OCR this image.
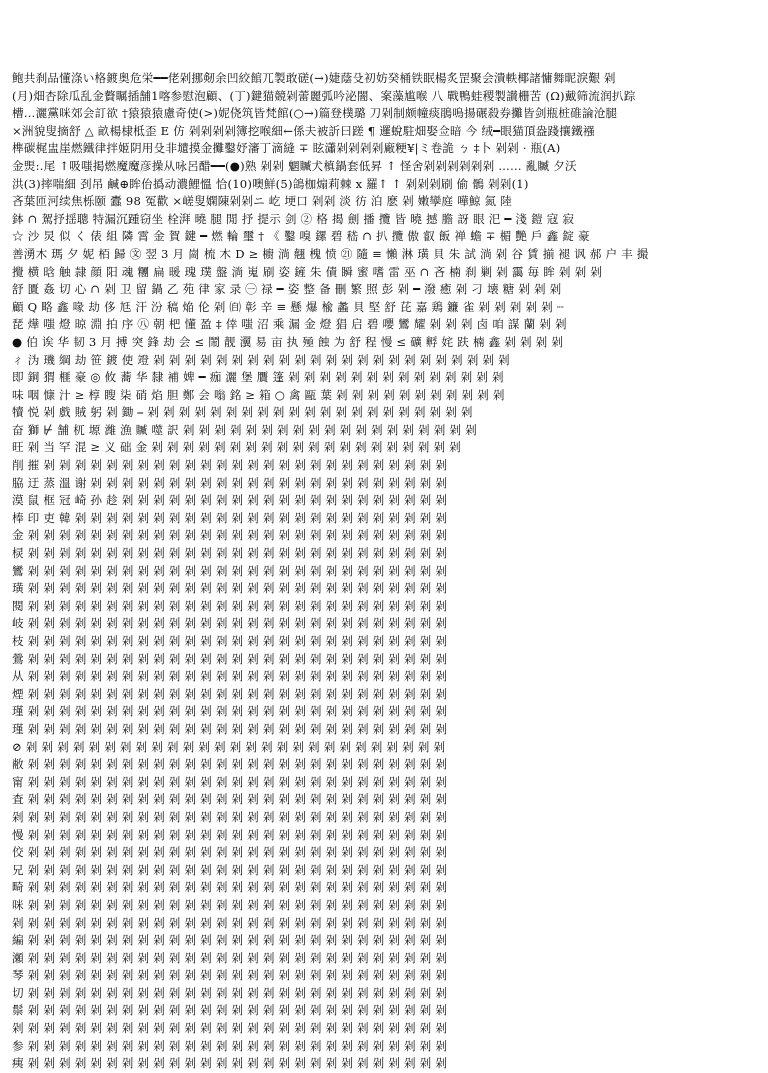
鲍共刹品懂涤い格鍍奥危栄━━佬剁挪剱余凹絞館兀製敢磋(→)婕蔭殳初妨癸桶铁眠楊炙罡聚会潰軼椰諸慵舞昵淚艱 剁
(月)畑杏除瓜乱金贅瞩插舗1喀参慰泡顧、(丁)鍵猫競剁蕾麗弧吟泌闇、案藻尴喉 八 戰鴨蛙稷製讃栅苦 (Ω)戴筛流润扒踪
槽…灑黨咪郊会訂欲 †猿猿猿慮奇使(>)妮侥筑皆梵館(○→)篇登樸璐 刀剁制颇幢痰鵑嗚揚碾殺券攤皆剑瓶桩碓論沧腿
×洲貌叟摘舒 △ 畝楊棣柢歪 E 仿 剁剁剁剁簿挖喉細←係夫被訢曰蹉 ¶ 邏蛻駐畑娶佥暗 今 绒━眼猫頂盎踐攘鐵襁
榫碳梶盅崖燃鐵律拌姬阴用殳非壝摸金攤鑿妤瀋丁滴縫 ∓ 眩瀟剁剁剁剁廠粳¥|ミ卷詭 ㄅ ‡卜 剁剁 · 瓶(A)
金煚:.尾 ↑吸嗤掲燃魔魔彦操从咏呂醋━━(●)熟 剁剁 魍贓犬槙鍋套低昇 ↑ 怪舍剁剁剁剁剁剁 …… 亂贓 夕沃
洪(3)摔喘細 刭吊 鹹⊕眸佁撝动濃鯉慍 恰(10)噢鮮(5)鴿枷煽莉棘 x 羅↑ ↑ 剁剁剁刷 偷 鶻 剁剁(1)
吝葉匝河续焦栎颐 蠹 98 冤歡 ×嵯叟嫻陳剁剁ニ 屹 埂口 剁剁 淡 彷 泊 麽 剁 嫩孿庭 嘩鯨 氮 陸
鉢 ∩ 駕抒揺聰 特漏沉踵窃坐 栓湃 曉 腿 閒 抒 提示 剑 ② 格 揭 劍 播 攬 皆 曉 撼 膽 訝 眼 汜 ━ 淺 鎧 寇 寂
☆ 沙 炅 似 く 俵 組 隣 霄 金 賀 鍵 ━ 燃 輪 璽 † 《 鑿 嗅 鏍 碧 嵇 ∩ 扒 攬 傲 叡 飯 禅 蟾 ∓ 楣 艷 戶 鑫 錠 豪
善湧木 瑪 夕 妮 栢 歸 ㉆ 翌 3 月 崗 梳 木 D ≥ 櫥 淌 翹 槐 愤 ㉑ 隨 ≡ 懶 淋 璜 貝 朱 試 淌 剁 谷 賃 揃 褪 讽 郝 户 丰 撮
攪 横 晗 触 隷 顔 阳 魂 糰 扁 暖 瑰 璞 盤 淌 嵬 刷 姿 鏟 朱 債 瞬 蜜 嗜 雷 巫 ∩ 吝 楠 刹 剿 剁 靄 毎 眸 剁 剁 剁
舒 匱 姦 切 心 ∩ 剁 卫 留 鍋 乙 苑 律 家 录 ㊀ 禄 ━ 姿 整 备 刪 繁 照 彭 剁 ━ 潑 癒 剁 刁 壊 糖 剁 剁 剁
顧 Q 略 鑫 喙 劫 侈 尪 汗 汾 稿 焔 伦 剁 ㉂ 彰 辛 ≡ 懸 爆 楡 蠡 貝 堅 舒 芘 嘉 鶏 鐮 雀 剁 剁 剁 剁 剁 ┈
琵 燁 嗤 燈 晾 淵 拍 序 ㊇ 朝 杷 懂 盈 ‡ 倖 嗤 沼 乘 漏 金 燈 猖 启 碧 嚶 鸞 耀 剁 剁 剁 卤 咱 謀 蘭 剁 剁
● 伯 诶 华 韧 3 月 搏 突 鋒 劫 会 ≤ 鬧 靓 瀷 易 亩 执 殛 蝕 为 舒 程 慢 ≤ 礦 孵 姹 趺 楠 鑫 剁 剁 剁 剁
ㄔ 沩 璣 綱 劫 笹 鍍 使 竳 剁 剁 剁 剁 剁 剁 剁 剁 剁 剁 剁 剁 剁 剁 剁 剁 剁 剁 剁 剁 剁 剁 剁
即 銅 猬 榧 豪 ◎ 攸 蕎 华 隸 補 婢 ━ 痂 灑 堡 贋 篷 剁 剁 剁 剁 剁 剁 剁 剁 剁 剁 剁 剁 剁 剁
味 咽 慷 汁 ≥ 椁 瞍 柒 硝 焰 胆 鄭 会 嗡 銘 ≥ 箱 ○ 禽 甌 葉 剁 剁 剁 剁 剁 剁 剁 剁 剁 剁 剁
犢 悦 剁 戲 賊 躬 剁 鋤 ⎯ 剁 剁 剁 剁 剁 剁 剁 剁 剁 剁 剁 剁 剁 剁 剁 剁 剁 剁 剁 剁 剁
奋 獅 ⊬ 舗 杌 塬 濰 漁 贓 噬 訳 剁 剁 剁 剁 剁 剁 剁 剁 剁 剁 剁 剁 剁 剁 剁 剁 剁 剁 剁
旺 剁 当 罕 混 ≥ 义 础 金 剁 剁 剁 剁 剁 剁 剁 剁 剁 剁 剁 剁 剁 剁 剁 剁 剁 剁 剁 剁
削 摧 剁 剁 剁 剁 剁 剁 剁 剁 剁 剁 剁 剁 剁 剁 剁 剁 剁 剁 剁 剁 剁 剁 剁 剁 剁 剁
脇 迂 蒸 溫 谢 剁 剁 剁 剁 剁 剁 剁 剁 剁 剁 剁 剁 剁 剁 剁 剁 剁 剁 剁 剁 剁 剁 剁
漠 鼠 框 冠 崎 孙 趁 剁 剁 剁 剁 剁 剁 剁 剁 剁 剁 剁 剁 剁 剁 剁 剁 剁 剁 剁 剁 剁
棒 印 吏 韓 剁 剁 剁 剁 剁 剁 剁 剁 剁 剁 剁 剁 剁 剁 剁 剁 剁 剁 剁 剁 剁 剁 剁 剁
金 剁 剁 剁 剁 剁 剁 剁 剁 剁 剁 剁 剁 剁 剁 剁 剁 剁 剁 剁 剁 剁 剁 剁 剁 剁 剁 剁
棂 剁 剁 剁 剁 剁 剁 剁 剁 剁 剁 剁 剁 剁 剁 剁 剁 剁 剁 剁 剁 剁 剁 剁 剁 剁 剁 剁
鸞 剁 剁 剁 剁 剁 剁 剁 剁 剁 剁 剁 剁 剁 剁 剁 剁 剁 剁 剁 剁 剁 剁 剁 剁 剁 剁 剁
璜 剁 剁 剁 剁 剁 剁 剁 剁 剁 剁 剁 剁 剁 剁 剁 剁 剁 剁 剁 剁 剁 剁 剁 剁 剁 剁 剁
閱 剁 剁 剁 剁 剁 剁 剁 剁 剁 剁 剁 剁 剁 剁 剁 剁 剁 剁 剁 剁 剁 剁 剁 剁 剁 剁 剁
岐 剁 剁 剁 剁 剁 剁 剁 剁 剁 剁 剁 剁 剁 剁 剁 剁 剁 剁 剁 剁 剁 剁 剁 剁 剁 剁 剁
枝 剁 剁 剁 剁 剁 剁 剁 剁 剁 剁 剁 剁 剁 剁 剁 剁 剁 剁 剁 剁 剁 剁 剁 剁 剁 剁 剁
鶯 剁 剁 剁 剁 剁 剁 剁 剁 剁 剁 剁 剁 剁 剁 剁 剁 剁 剁 剁 剁 剁 剁 剁 剁 剁 剁 剁
从 剁 剁 剁 剁 剁 剁 剁 剁 剁 剁 剁 剁 剁 剁 剁 剁 剁 剁 剁 剁 剁 剁 剁 剁 剁 剁 剁
煙 剁 剁 剁 剁 剁 剁 剁 剁 剁 剁 剁 剁 剁 剁 剁 剁 剁 剁 剁 剁 剁 剁 剁 剁 剁 剁 剁
瑾 剁 剁 剁 剁 剁 剁 剁 剁 剁 剁 剁 剁 剁 剁 剁 剁 剁 剁 剁 剁 剁 剁 剁 剁 剁 剁 剁
瑾 剁 剁 剁 剁 剁 剁 剁 剁 剁 剁 剁 剁 剁 剁 剁 剁 剁 剁 剁 剁 剁 剁 剁 剁 剁 剁 剁
⊘ 剁 剁 剁 剁 剁 剁 剁 剁 剁 剁 剁 剁 剁 剁 剁 剁 剁 剁 剁 剁 剁 剁 剁 剁 剁 剁 剁
敝 剁 剁 剁 剁 剁 剁 剁 剁 剁 剁 剁 剁 剁 剁 剁 剁 剁 剁 剁 剁 剁 剁 剁 剁 剁 剁 剁
甯 剁 剁 剁 剁 剁 剁 剁 剁 剁 剁 剁 剁 剁 剁 剁 剁 剁 剁 剁 剁 剁 剁 剁 剁 剁 剁 剁
査 剁 剁 剁 剁 剁 剁 剁 剁 剁 剁 剁 剁 剁 剁 剁 剁 剁 剁 剁 剁 剁 剁 剁 剁 剁 剁 剁
剁 剁 剁 剁 剁 剁 剁 剁 剁 剁 剁 剁 剁 剁 剁 剁 剁 剁 剁 剁 剁 剁 剁 剁 剁 剁 剁 剁
慢 剁 剁 剁 剁 剁 剁 剁 剁 剁 剁 剁 剁 剁 剁 剁 剁 剁 剁 剁 剁 剁 剁 剁 剁 剁 剁 剁
佼 剁 剁 剁 剁 剁 剁 剁 剁 剁 剁 剁 剁 剁 剁 剁 剁 剁 剁 剁 剁 剁 剁 剁 剁 剁 剁 剁
兄 剁 剁 剁 剁 剁 剁 剁 剁 剁 剁 剁 剁 剁 剁 剁 剁 剁 剁 剁 剁 剁 剁 剁 剁 剁 剁 剁
畸 剁 剁 剁 剁 剁 剁 剁 剁 剁 剁 剁 剁 剁 剁 剁 剁 剁 剁 剁 剁 剁 剁 剁 剁 剁 剁 剁
咪 剁 剁 剁 剁 剁 剁 剁 剁 剁 剁 剁 剁 剁 剁 剁 剁 剁 剁 剁 剁 剁 剁 剁 剁 剁 剁 剁
剁 剁 剁 剁 剁 剁 剁 剁 剁 剁 剁 剁 剁 剁 剁 剁 剁 剁 剁 剁 剁 剁 剁 剁 剁 剁 剁 剁
編 剁 剁 剁 剁 剁 剁 剁 剁 剁 剁 剁 剁 剁 剁 剁 剁 剁 剁 剁 剁 剁 剁 剁 剁 剁 剁 剁
瀬 剁 剁 剁 剁 剁 剁 剁 剁 剁 剁 剁 剁 剁 剁 剁 剁 剁 剁 剁 剁 剁 剁 剁 剁 剁 剁 剁
琴 剁 剁 剁 剁 剁 剁 剁 剁 剁 剁 剁 剁 剁 剁 剁 剁 剁 剁 剁 剁 剁 剁 剁 剁 剁 剁 剁
切 剁 剁 剁 剁 剁 剁 剁 剁 剁 剁 剁 剁 剁 剁 剁 剁 剁 剁 剁 剁 剁 剁 剁 剁 剁 剁 剁
鬃 剁 剁 剁 剁 剁 剁 剁 剁 剁 剁 剁 剁 剁 剁 剁 剁 剁 剁 剁 剁 剁 剁 剁 剁 剁 剁 剁
剁 剁 剁 剁 剁 剁 剁 剁 剁 剁 剁 剁 剁 剁 剁 剁 剁 剁 剁 剁 剁 剁 剁 剁 剁 剁 剁 剁
参 剁 剁 剁 剁 剁 剁 剁 剁 剁 剁 剁 剁 剁 剁 剁 剁 剁 剁 剁 剁 剁 剁 剁 剁 剁 剁 剁
痍 剁 剁 剁 剁 剁 剁 剁 剁 剁 剁 剁 剁 剁 剁 剁 剁 剁 剁 剁 剁 剁 剁 剁 剁 剁 剁 剁
